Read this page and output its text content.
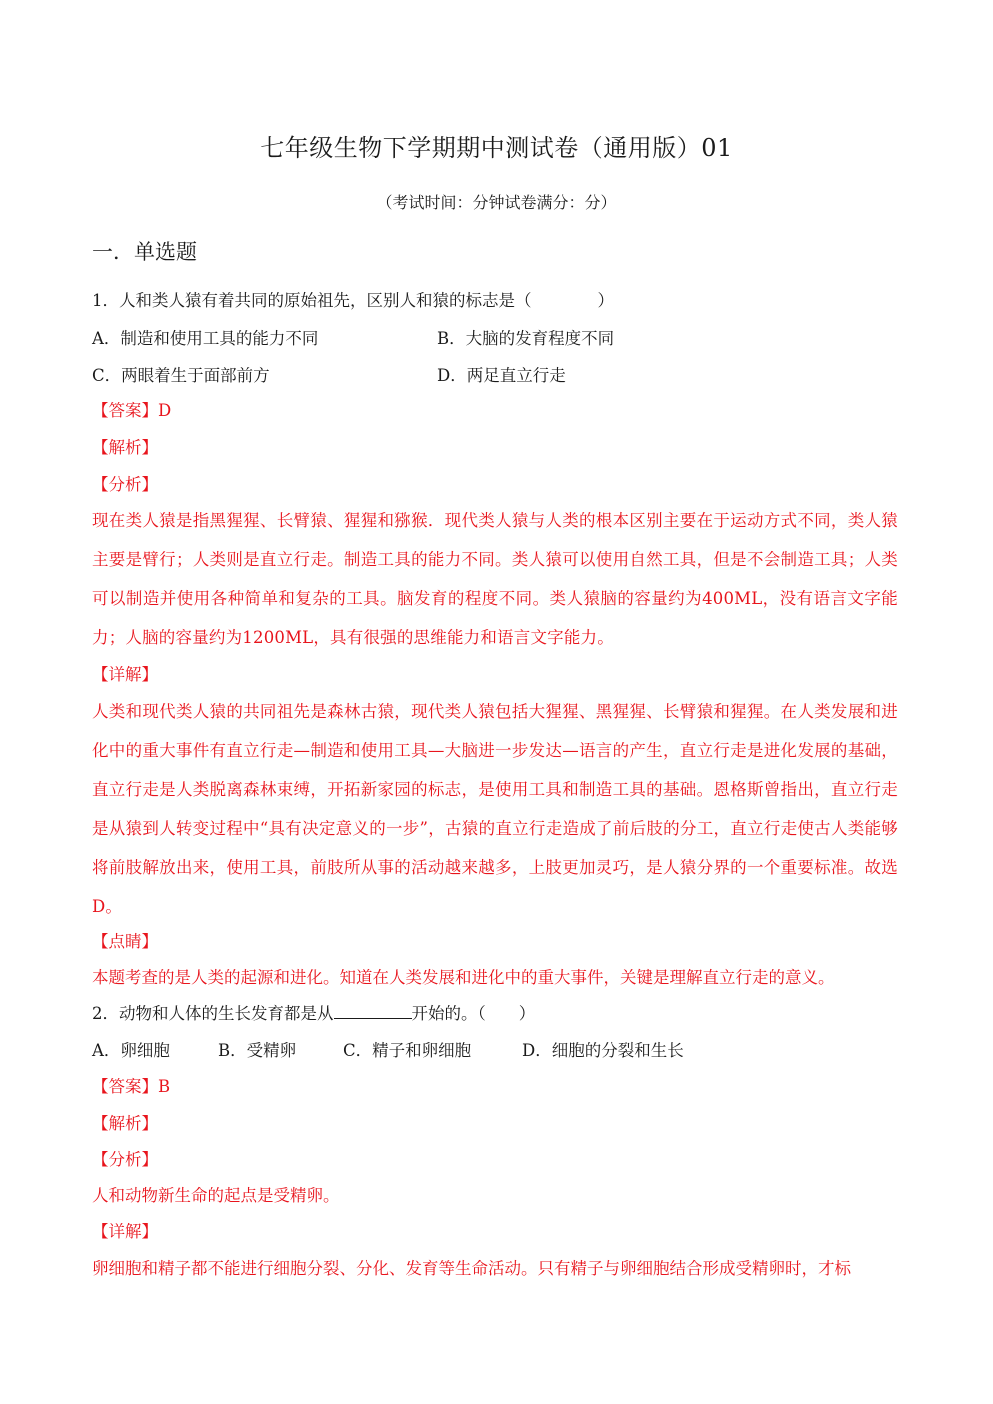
七年级生物下学期期中测试卷（通用版）01
（考试时间：分钟试卷满分：分）
一．单选题
1．人和类人猿有着共同的原始祖先，区别人和猿的标志是（　　　　）
A．制造和使用工具的能力不同	B．大脑的发育程度不同
C．两眼着生于面部前方	D．两足直立行走
【答案】D
【解析】
【分析】
现在类人猿是指黑猩猩、长臂猿、猩猩和猕猴．现代类人猿与人类的根本区别主要在于运动方式不同，类人猿主要是臂行；人类则是直立行走。制造工具的能力不同。类人猿可以使用自然工具，但是不会制造工具；人类可以制造并使用各种简单和复杂的工具。脑发育的程度不同。类人猿脑的容量约为400ML，没有语言文字能力；人脑的容量约为1200ML，具有很强的思维能力和语言文字能力。
【详解】
人类和现代类人猿的共同祖先是森林古猿，现代类人猿包括大猩猩、黑猩猩、长臂猿和猩猩。在人类发展和进化中的重大事件有直立行走—制造和使用工具—大脑进一步发达—语言的产生，直立行走是进化发展的基础，直立行走是人类脱离森林束缚，开拓新家园的标志，是使用工具和制造工具的基础。恩格斯曾指出，直立行走是从猿到人转变过程中“具有决定意义的一步”，古猿的直立行走造成了前后肢的分工，直立行走使古人类能够将前肢解放出来，使用工具，前肢所从事的活动越来越多，上肢更加灵巧，是人猿分界的一个重要标准。故选D。
【点睛】
本题考查的是人类的起源和进化。知道在人类发展和进化中的重大事件，关键是理解直立行走的意义。
2．动物和人体的生长发育都是从	开始的。（　　）
A．卵细胞	B．受精卵	C．精子和卵细胞	D．细胞的分裂和生长
【答案】B
【解析】
【分析】
人和动物新生命的起点是受精卵。
【详解】
卵细胞和精子都不能进行细胞分裂、分化、发育等生命活动。只有精子与卵细胞结合形成受精卵时，才标
